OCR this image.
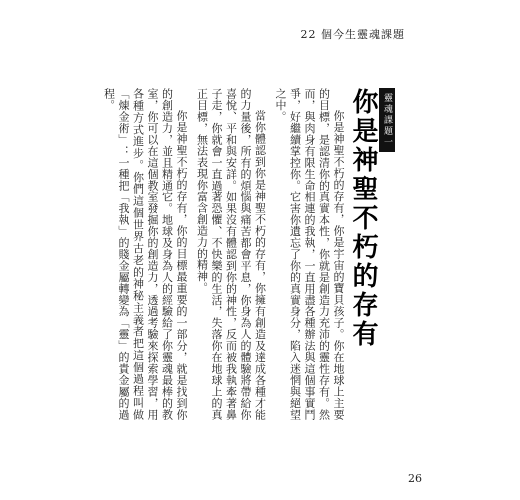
22 個今生靈魂課題
靈魂課題一
你是神聖不朽的存有

你是神聖不朽的存有，你是宇宙的寶貝孩子。你在地球上主要的目標，是認清你的真實本性，你就是創造力充沛的靈性存有。然而，與肉身有限生命相連的我執，一直用盡各種辦法與這個事實鬥爭，好繼續掌控你。它害你遺忘了你的真實身分，陷入迷惘與絕望之中。

當你體認到你是神聖不朽的存有，你擁有創造及達成各種才能的力量後，所有的煩惱與痛苦都會平息，你身為人的體驗將帶給你喜悅、平和與安詳。如果沒有體認到你的神性，反而被我執牽著鼻子走，你就會一直過著恐懼、不快樂的生活，失落你在地球上的真正目標，無法表現你富含創造力的精神。

你是神聖不朽的存有，你的目標最重要的一部分，就是找到你的創造力，並且精通它。地球及身為人的經驗給了你靈魂最棒的教室，你可以在這個教室發掘你的創造力，透過考驗來探索學習，用各種方式進步。你們這個世界古老的神秘主義者把這個過程叫做「煉金術」：一種把「我執」的賤金屬轉變為「靈」的貴金屬的過程。

26
